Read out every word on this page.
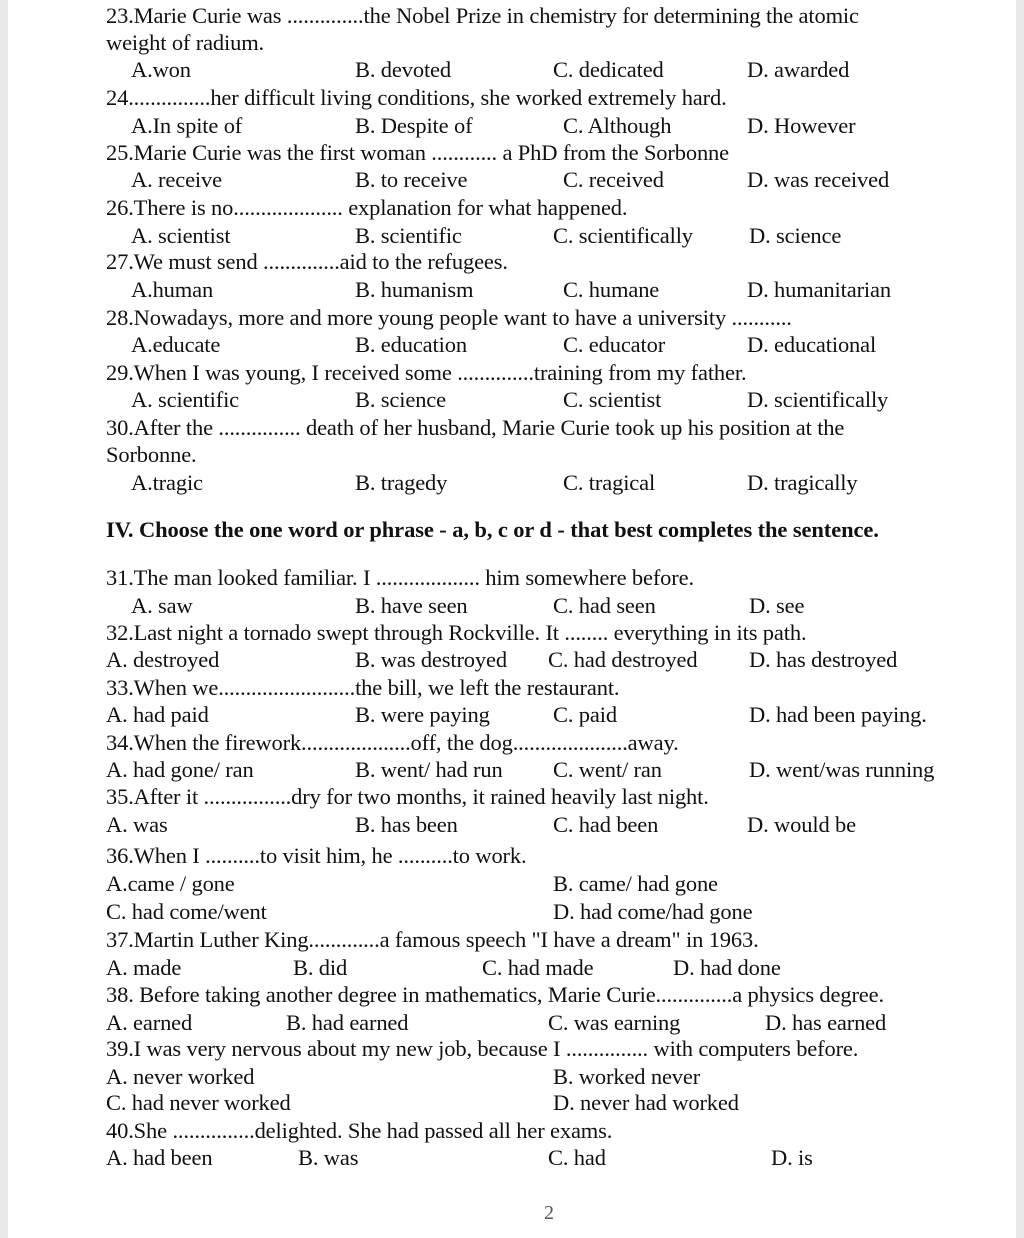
23.Marie Curie was ..............the Nobel Prize in chemistry for determining the atomic
weight of radium.
A.won	B. devoted	C. dedicated	D. awarded
24...............her difficult living conditions, she worked extremely hard.
A.In spite of	B. Despite of	C. Although	D. However
25.Marie Curie was the first woman ............ a PhD from the Sorbonne
A. receive	B. to receive	C. received	D. was received
26.There is no.................... explanation for what happened.
A. scientist	B. scientific	C. scientifically D. science
27.We must send ..............aid to the refugees.
A.human	B. humanism	C. humane	D. humanitarian
28.Nowadays, more and more young people want to have a university ...........
A.educate	B. education	C. educator	D. educational
29.When I was young, I received some ..............training from my father.
A. scientific	B. science	C. scientist	D. scientifically
30.After the ............... death of her husband, Marie Curie took up his position at the
Sorbonne.
A.tragic	B. tragedy	C. tragical	D. tragically
IV. Choose the one word or phrase - a, b, c or d - that best completes the sentence.
31.The man looked familiar. I ................... him somewhere before.
A. saw	B. have seen	C. had seen	D. see
32.Last night a tornado swept through Rockville. It ........ everything in its path.
A. destroyed	B. was destroyed C. had destroyed D. has destroyed
33.When we.........................the bill, we left the restaurant.
A. had paid	B. were paying	C. paid	D. had been paying.
34.When the firework....................off, the dog.....................away.
A. had gone/ ran	B. went/ had run C. went/ ran	D. went/was running
35.After it ................dry for two months, it rained heavily last night.
A. was	B. has been	C. had been	D. would be
36.When I ..........to visit him, he ..........to work.
A.came / gone	B. came/ had gone
C. had come/went	D. had come/had gone
37.Martin Luther King.............a famous speech "I have a dream" in 1963.
A. made	B. did	C. had made	D. had done
38. Before taking another degree in mathematics, Marie Curie..............a physics degree.
A. earned	B. had earned	C. was earning	D. has earned
39.I was very nervous about my new job, because I ............... with computers before.
A. never worked	B. worked never
C. had never worked	D. never had worked
40.She ...............delighted. She had passed all her exams.
A. had been	B. was	C. had	D. is
2
